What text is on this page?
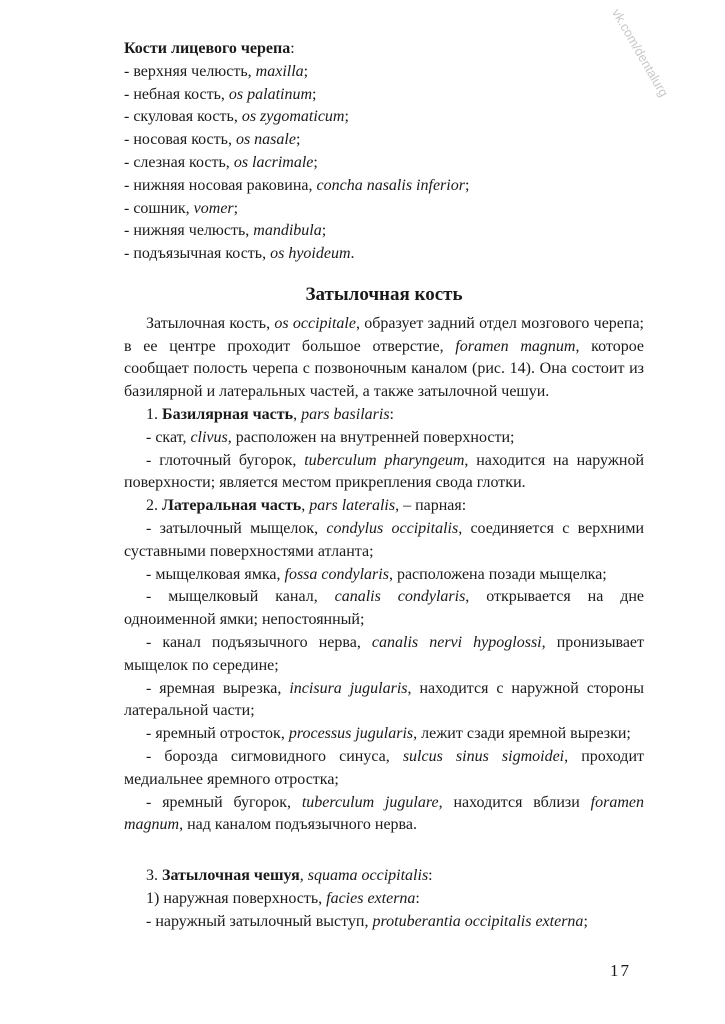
vk.com/dentalurg
Кости лицевого черепа:
- верхняя челюсть, maxilla;
- небная кость, os palatinum;
- скуловая кость, os zygomaticum;
- носовая кость, os nasale;
- слезная кость, os lacrimale;
- нижняя носовая раковина, concha nasalis inferior;
- сошник, vomer;
- нижняя челюсть, mandibula;
- подъязычная кость, os hyoideum.
Затылочная кость
Затылочная кость, os occipitale, образует задний отдел мозгового черепа; в ее центре проходит большое отверстие, foramen magnum, которое сообщает полость черепа с позвоночным каналом (рис. 14). Она состоит из базилярной и латеральных частей, а также затылочной чешуи.
1. Базилярная часть, pars basilaris:
- скат, clivus, расположен на внутренней поверхности;
- глоточный бугорок, tuberculum pharyngeum, находится на наружной поверхности; является местом прикрепления свода глотки.
2. Латеральная часть, pars lateralis, – парная:
- затылочный мыщелок, condylus occipitalis, соединяется с верхними суставными поверхностями атланта;
- мыщелковая ямка, fossa condylaris, расположена позади мыщелка;
- мыщелковый канал, canalis condylaris, открывается на дне одноименной ямки; непостоянный;
- канал подъязычного нерва, canalis nervi hypoglossi, пронизывает мыщелок по середине;
- яремная вырезка, incisura jugularis, находится с наружной стороны латеральной части;
- яремный отросток, processus jugularis, лежит сзади яремной вырезки;
- борозда сигмовидного синуса, sulcus sinus sigmoidei, проходит медиальнее яремного отростка;
- яремный бугорок, tuberculum jugulare, находится вблизи foramen magnum, над каналом подъязычного нерва.
3. Затылочная чешуя, squama occipitalis:
1) наружная поверхность, facies externa:
- наружный затылочный выступ, protuberantia occipitalis externa;
17
